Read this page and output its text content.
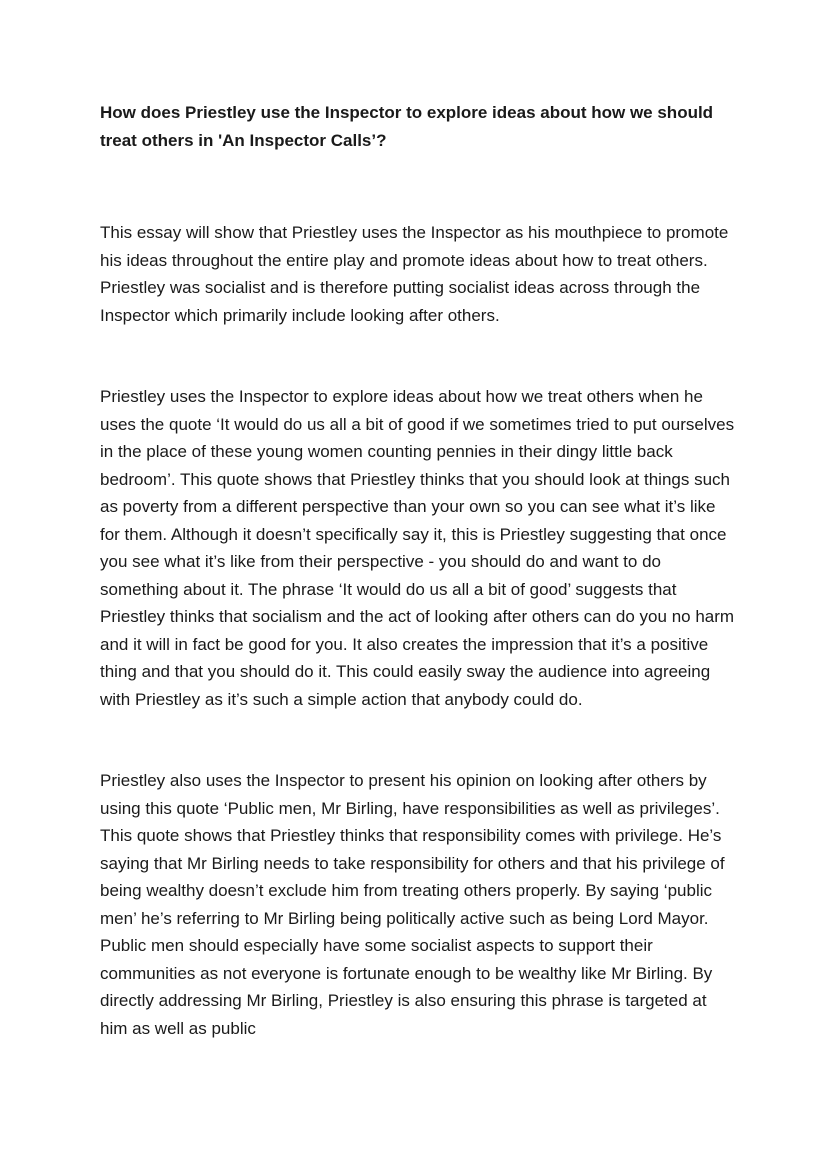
How does Priestley use the Inspector to explore ideas about how we should treat others in 'An Inspector Calls’?

This essay will show that Priestley uses the Inspector as his mouthpiece to promote his ideas throughout the entire play and promote ideas about how to treat others. Priestley was socialist and is therefore putting socialist ideas across through the Inspector which primarily include looking after others.

Priestley uses the Inspector to explore ideas about how we treat others when he uses the quote ‘It would do us all a bit of good if we sometimes tried to put ourselves in the place of these young women counting pennies in their dingy little back bedroom’. This quote shows that Priestley thinks that you should look at things such as poverty from a different perspective than your own so you can see what it’s like for them. Although it doesn’t specifically say it, this is Priestley suggesting that once you see what it’s like from their perspective - you should do and want to do something about it. The phrase ‘It would do us all a bit of good’ suggests that Priestley thinks that socialism and the act of looking after others can do you no harm and it will in fact be good for you. It also creates the impression that it’s a positive thing and that you should do it. This could easily sway the audience into agreeing with Priestley as it’s such a simple action that anybody could do.

Priestley also uses the Inspector to present his opinion on looking after others by using this quote ‘Public men, Mr Birling, have responsibilities as well as privileges’. This quote shows that Priestley thinks that responsibility comes with privilege. He’s saying that Mr Birling needs to take responsibility for others and that his privilege of being wealthy doesn’t exclude him from treating others properly. By saying ‘public men’ he’s referring to Mr Birling being politically active such as being Lord Mayor. Public men should especially have some socialist aspects to support their communities as not everyone is fortunate enough to be wealthy like Mr Birling. By directly addressing Mr Birling, Priestley is also ensuring this phrase is targeted at him as well as public
